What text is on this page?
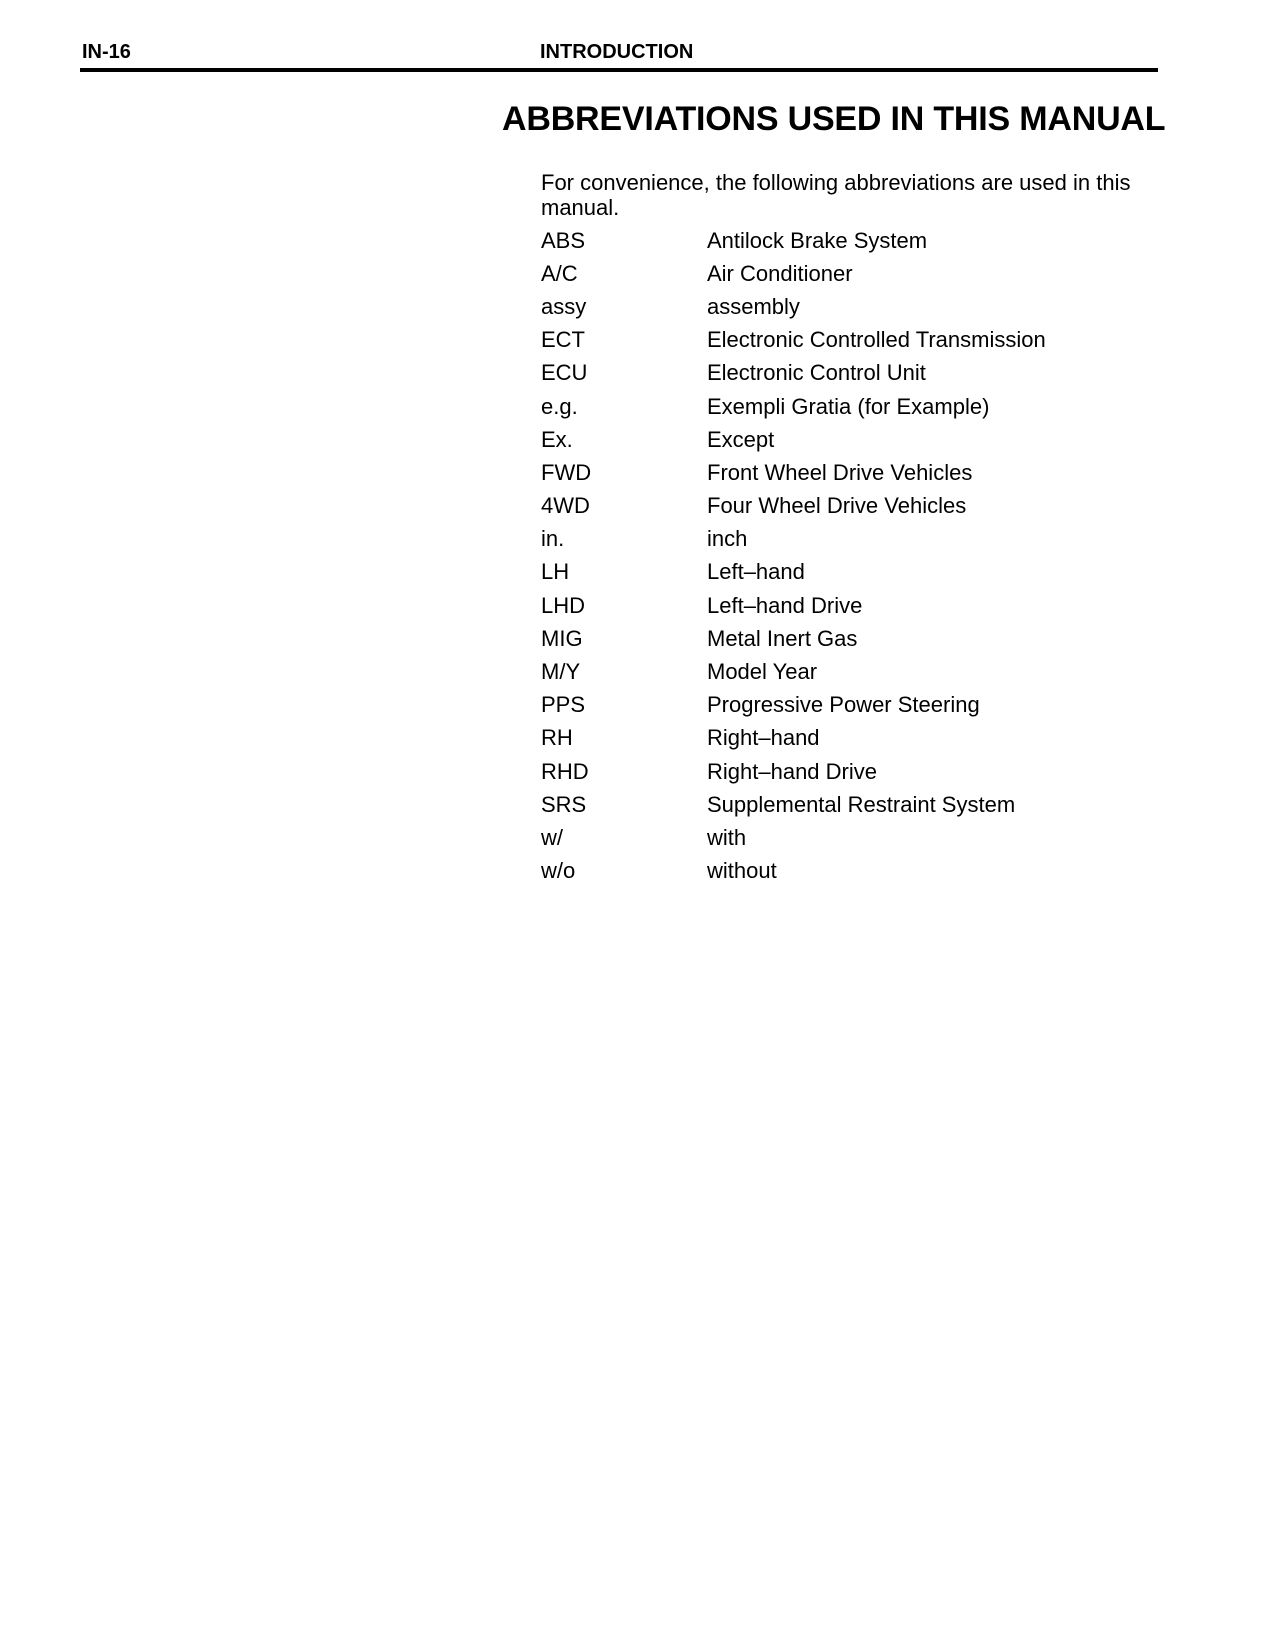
IN-16	INTRODUCTION
ABBREVIATIONS USED IN THIS MANUAL

For convenience, the following abbreviations are used in this manual.

ABS	Antilock Brake System
A/C	Air Conditioner
assy	assembly
ECT	Electronic Controlled Transmission
ECU	Electronic Control Unit
e.g.	Exempli Gratia (for Example)
Ex.	Except
FWD	Front Wheel Drive Vehicles
4WD	Four Wheel Drive Vehicles
in.	inch
LH	Left–hand
LHD	Left–hand Drive
MIG	Metal Inert Gas
M/Y	Model Year
PPS	Progressive Power Steering
RH	Right–hand
RHD	Right–hand Drive
SRS	Supplemental Restraint System
w/	with
w/o	without
